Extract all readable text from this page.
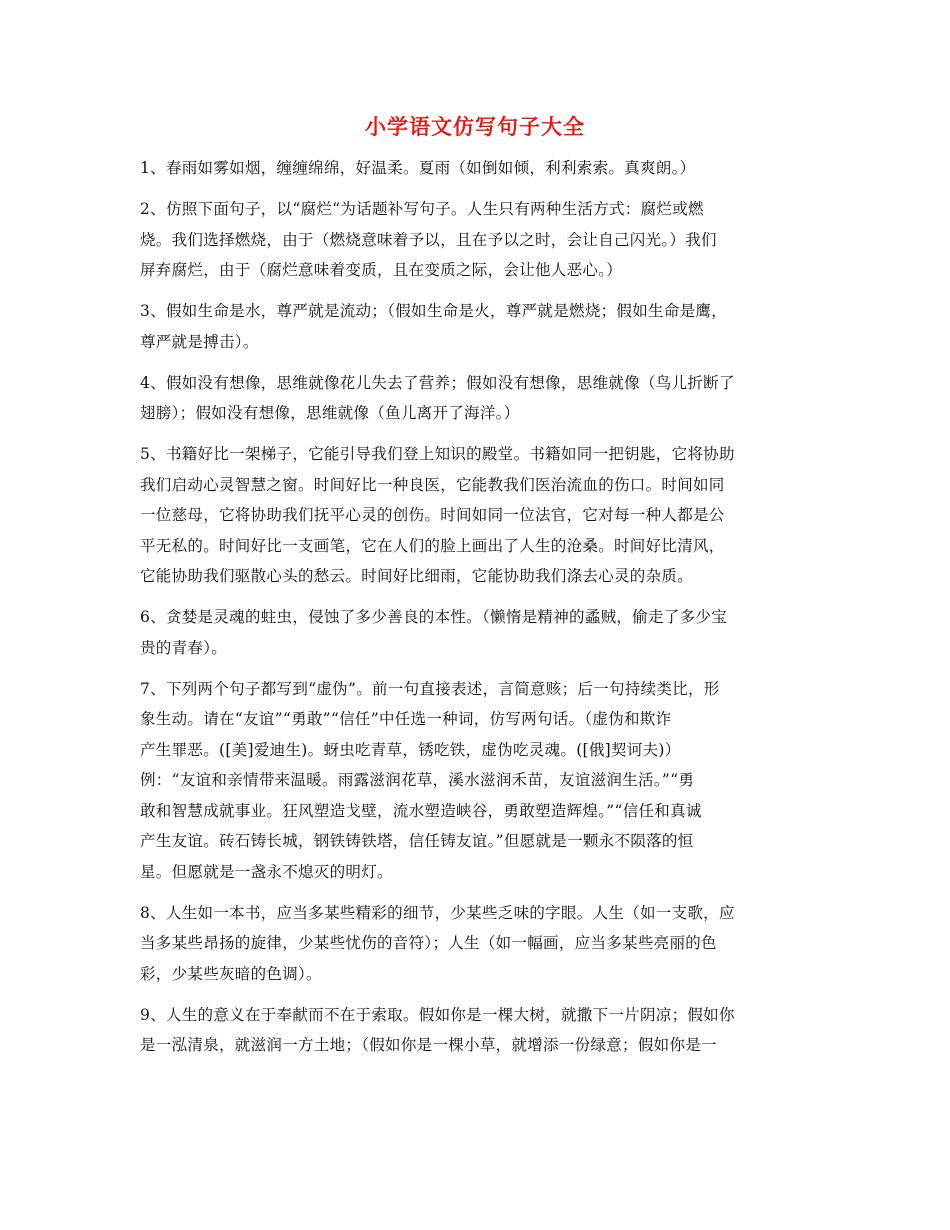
小学语文仿写句子大全

1、春雨如雾如烟，缠缠绵绵，好温柔。夏雨（如倒如倾，利利索索。真爽朗。）

2、仿照下面句子，以“腐烂“为话题补写句子。人生只有两种生活方式：腐烂或燃
烧。我们选择燃烧，由于（燃烧意味着予以，且在予以之时，会让自己闪光。）我们
屏弃腐烂，由于（腐烂意味着变质，且在变质之际，会让他人恶心。）

3、假如生命是水，尊严就是流动；（假如生命是火，尊严就是燃烧；假如生命是鹰，
尊严就是搏击）。

4、假如没有想像，思维就像花儿失去了营养；假如没有想像，思维就像（鸟儿折断了
翅膀）；假如没有想像，思维就像（鱼儿离开了海洋。）

5、书籍好比一架梯子，它能引导我们登上知识的殿堂。书籍如同一把钥匙，它将协助
我们启动心灵智慧之窗。时间好比一种良医，它能教我们医治流血的伤口。时间如同
一位慈母，它将协助我们抚平心灵的创伤。时间如同一位法官，它对每一种人都是公
平无私的。时间好比一支画笔，它在人们的脸上画出了人生的沧桑。时间好比清风，
它能协助我们驱散心头的愁云。时间好比细雨，它能协助我们涤去心灵的杂质。

6、贪婪是灵魂的蛀虫，侵蚀了多少善良的本性。（懒惰是精神的蟊贼，偷走了多少宝
贵的青春）。

7、下列两个句子都写到“虚伪”。前一句直接表述，言简意赅；后一句持续类比，形
象生动。请在“友谊”“勇敢”“信任”中任选一种词，仿写两句话。（虚伪和欺诈
产生罪恶。([美]爱迪生)。蚜虫吃青草，锈吃铁，虚伪吃灵魂。([俄]契诃夫)）
例：“友谊和亲情带来温暖。雨露滋润花草，溪水滋润禾苗，友谊滋润生活。”“勇
敢和智慧成就事业。狂风塑造戈壁，流水塑造峡谷，勇敢塑造辉煌。”“信任和真诚
产生友谊。砖石铸长城，钢铁铸铁塔，信任铸友谊。”但愿就是一颗永不陨落的恒
星。但愿就是一盏永不熄灭的明灯。

8、人生如一本书，应当多某些精彩的细节，少某些乏味的字眼。人生（如一支歌，应
当多某些昂扬的旋律，少某些忧伤的音符）；人生（如一幅画，应当多某些亮丽的色
彩，少某些灰暗的色调）。

9、人生的意义在于奉献而不在于索取。假如你是一棵大树，就撒下一片阴凉；假如你
是一泓清泉，就滋润一方土地；（假如你是一棵小草，就增添一份绿意；假如你是一
